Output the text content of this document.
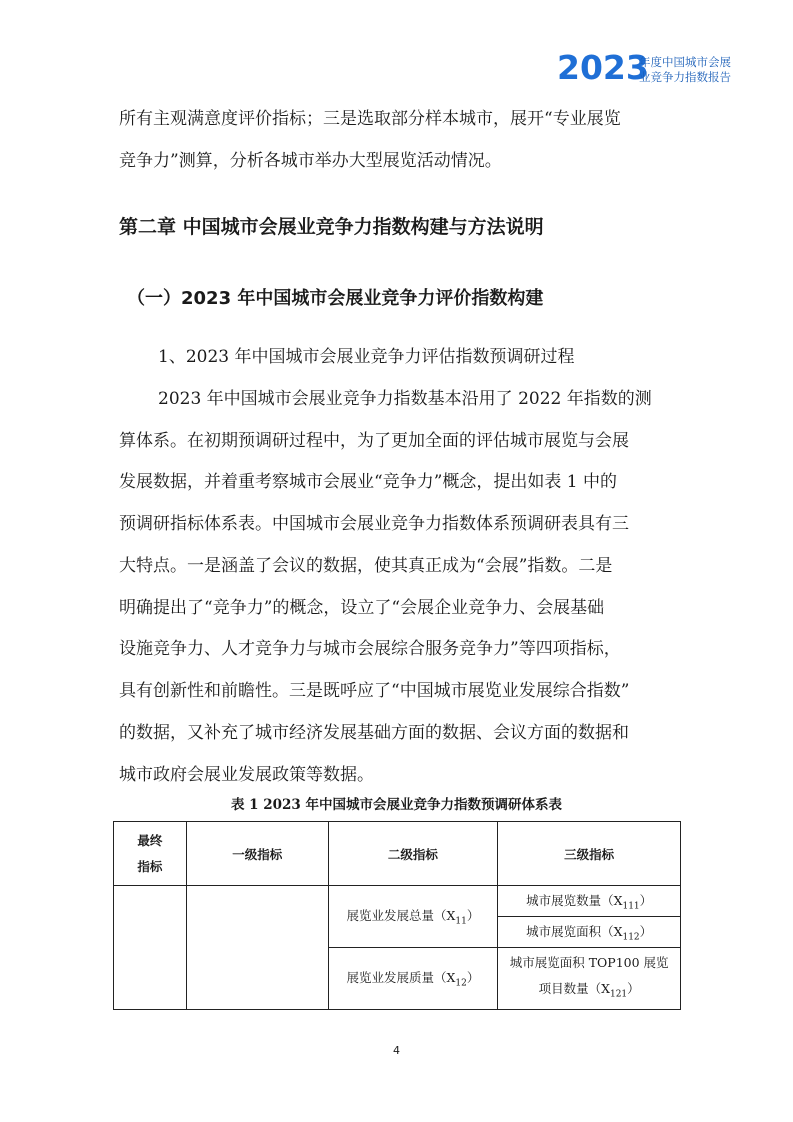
2023
年度中国城市会展
业竞争力指数报告
所有主观满意度评价指标；三是选取部分样本城市，展开“专业展览
竞争力”测算，分析各城市举办大型展览活动情况。
第二章 中国城市会展业竞争力指数构建与方法说明
（一）2023 年中国城市会展业竞争力评价指数构建
1、2023 年中国城市会展业竞争力评估指数预调研过程
2023 年中国城市会展业竞争力指数基本沿用了 2022 年指数的测
算体系。在初期预调研过程中，为了更加全面的评估城市展览与会展
发展数据，并着重考察城市会展业“竞争力”概念，提出如表 1 中的
预调研指标体系表。中国城市会展业竞争力指数体系预调研表具有三
大特点。一是涵盖了会议的数据，使其真正成为“会展”指数。二是
明确提出了“竞争力”的概念，设立了“会展企业竞争力、会展基础
设施竞争力、人才竞争力与城市会展综合服务竞争力”等四项指标，
具有创新性和前瞻性。三是既呼应了“中国城市展览业发展综合指数”
的数据，又补充了城市经济发展基础方面的数据、会议方面的数据和
城市政府会展业发展政策等数据。
表 1 2023 年中国城市会展业竞争力指数预调研体系表
最终
指标	一级指标	二级指标	三级指标
		展览业发展总量$(X_{11})$	城市展览数量$(X_{111})$
			城市展览面积$(X_{112})$
		展览业发展质量$(X_{12})$	城市展览面积 TOP100 展览
项目数量$(X_{121})$
4
